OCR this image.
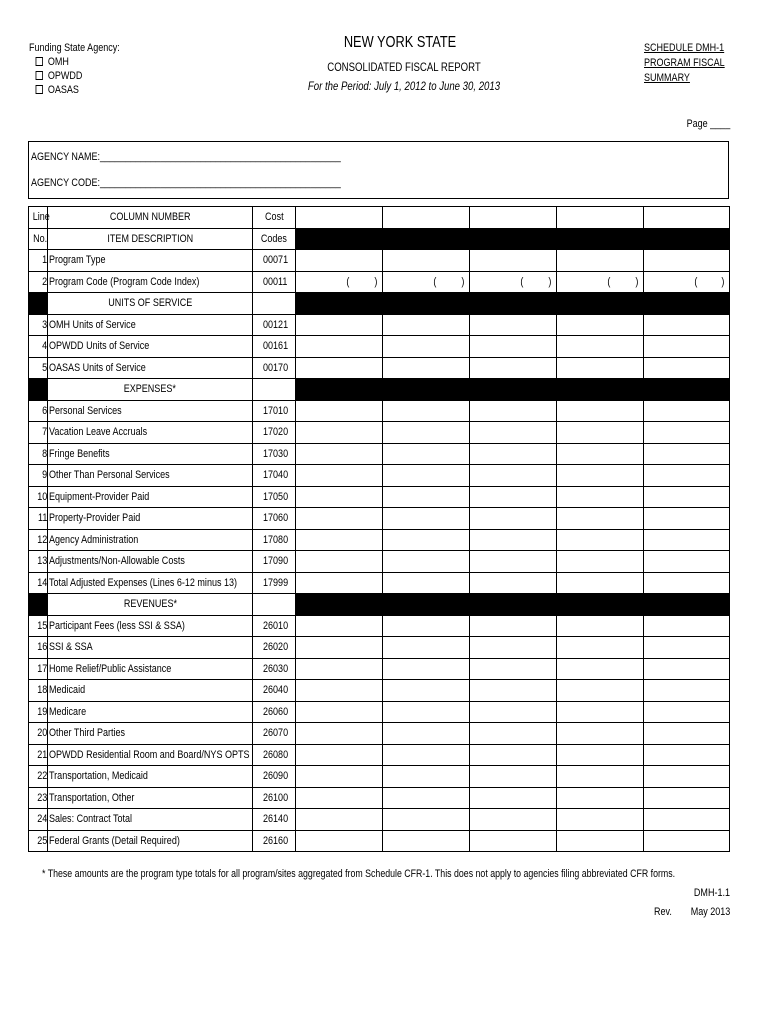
Funding State Agency:
OMH
OPWDD
OASAS
NEW YORK STATE
CONSOLIDATED FISCAL REPORT
For the Period: July 1, 2012 to June 30, 2013
SCHEDULE DMH-1
PROGRAM FISCAL
SUMMARY
Page ____
AGENCY NAME:________________________________________________
AGENCY CODE:________________________________________________
Line	COLUMN NUMBER	Cost					
No.	ITEM DESCRIPTION	Codes					
1	Program Type	00071					
2	Program Code (Program Code Index)	00011	( )	( )	( )	( )	( )

	UNITS OF SERVICE						
3	OMH Units of Service	00121					
4	OPWDD Units of Service	00161					
5	OASAS Units of Service	00170					
	EXPENSES*						
6	Personal Services	17010					
7	Vacation Leave Accruals	17020					
8	Fringe Benefits	17030					
9	Other Than Personal Services	17040					
10	Equipment-Provider Paid	17050					
11	Property-Provider Paid	17060					
12	Agency Administration	17080					
13	Adjustments/Non-Allowable Costs	17090					
14	Total Adjusted Expenses (Lines 6-12 minus 13)	17999					
	REVENUES*						
15	Participant Fees (less SSI & SSA)	26010					
16	SSI & SSA	26020					
17	Home Relief/Public Assistance	26030					
18	Medicaid	26040					
19	Medicare	26060					
20	Other Third Parties	26070					
21	OPWDD Residential Room and Board/NYS OPTS	26080					
22	Transportation, Medicaid	26090					
23	Transportation, Other	26100					
24	Sales: Contract Total	26140					
25	Federal Grants (Detail Required)	26160					
* These amounts are the program type totals for all program/sites aggregated from Schedule CFR-1. This does not apply to agencies filing abbreviated CFR forms.
DMH-1.1
Rev. May 2013
